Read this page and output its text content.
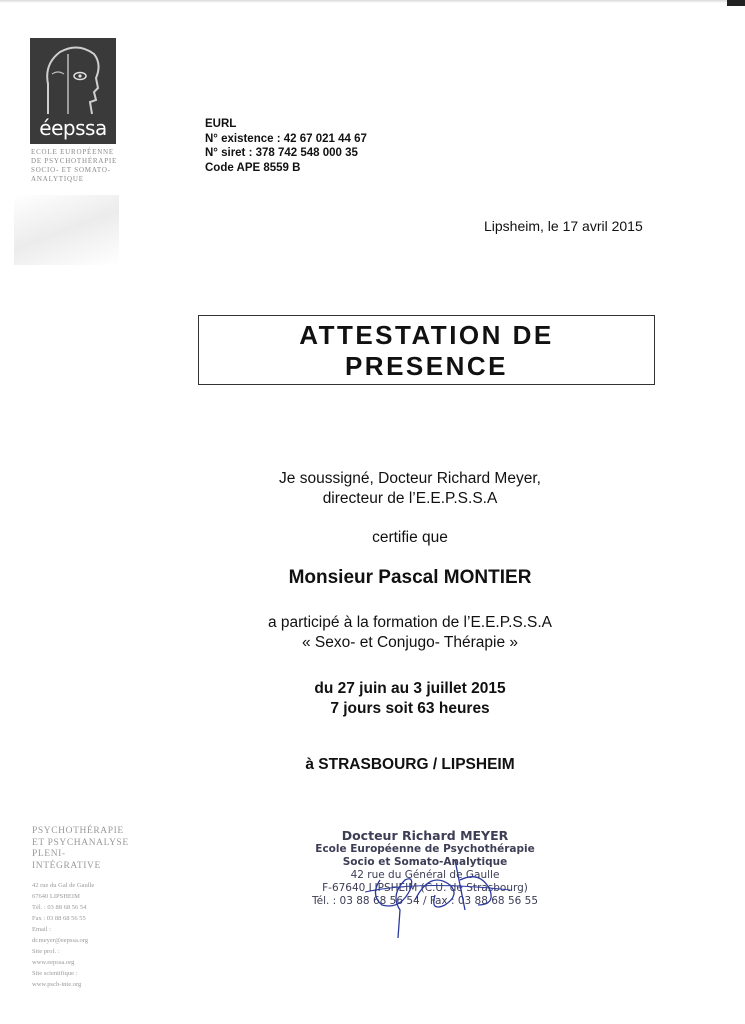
éepssa
ECOLE EUROPÉENNE
DE PSYCHOTHÉRAPIE
SOCIO- ET SOMATO-
ANALYTIQUE
EURL
N° existence : 42 67 021 44 67
N° siret : 378 742 548 000 35
Code APE 8559 B
Lipsheim, le 17 avril 2015
ATTESTATION DE
PRESENCE
Je soussigné, Docteur Richard Meyer,
directeur de l’E.E.P.S.S.A
certifie que
Monsieur Pascal MONTIER
a participé à la formation de l’E.E.P.S.S.A
« Sexo- et Conjugo- Thérapie »
du 27 juin au 3 juillet 2015
7 jours soit 63 heures
à STRASBOURG / LIPSHEIM
Docteur Richard MEYER
Ecole Européenne de Psychothérapie
Socio et Somato-Analytique
42 rue du Général de Gaulle
F-67640 LIPSHEIM (C.U. de Strasbourg)
Tél. : 03 88 68 56 54 / Fax : 03 88 68 56 55
PSYCHOTHÉRAPIE
ET PSYCHANALYSE
PLENI-INTÉGRATIVE
42 rue du Gal de Gaulle
67640 LIPSHEIM
Tél. : 03 88 68 56 54
Fax : 03 88 68 56 55
Email :
dr.meyer@eepssa.org
Site prof. :
www.eepssa.org
Site scientifique :
www.psch-inte.org
